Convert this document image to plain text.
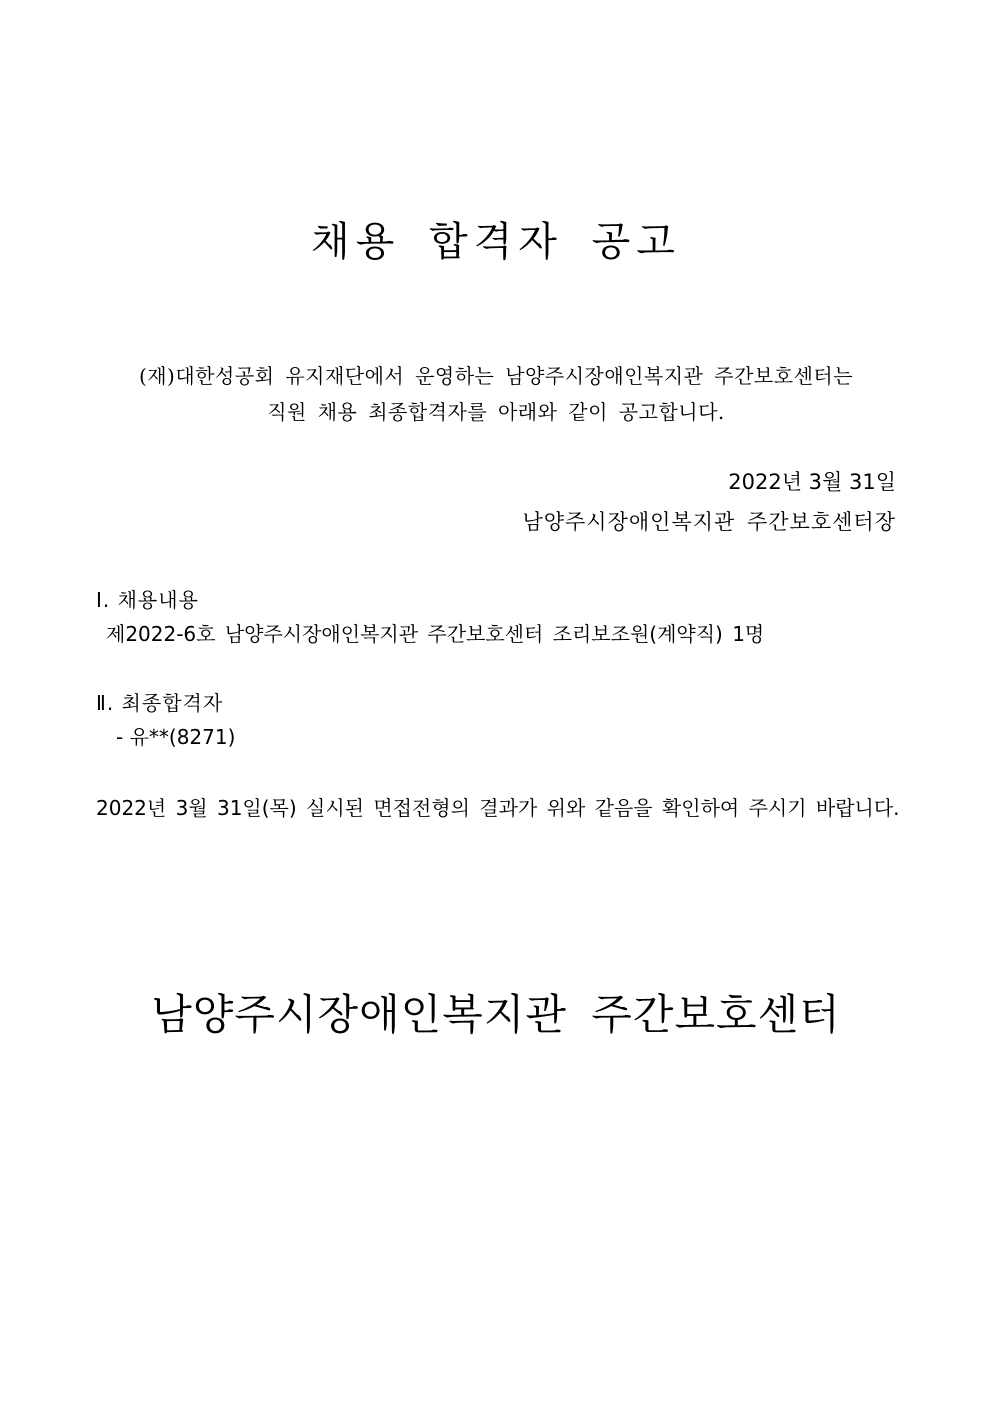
채용 합격자 공고
(재)대한성공회 유지재단에서 운영하는 남양주시장애인복지관 주간보호센터는
직원 채용 최종합격자를 아래와 같이 공고합니다.
2022년 3월 31일
남양주시장애인복지관 주간보호센터장
Ⅰ. 채용내용
제2022-6호 남양주시장애인복지관 주간보호센터 조리보조원(계약직) 1명
Ⅱ. 최종합격자
- 유**(8271)
2022년 3월 31일(목) 실시된 면접전형의 결과가 위와 같음을 확인하여 주시기 바랍니다.
남양주시장애인복지관 주간보호센터
